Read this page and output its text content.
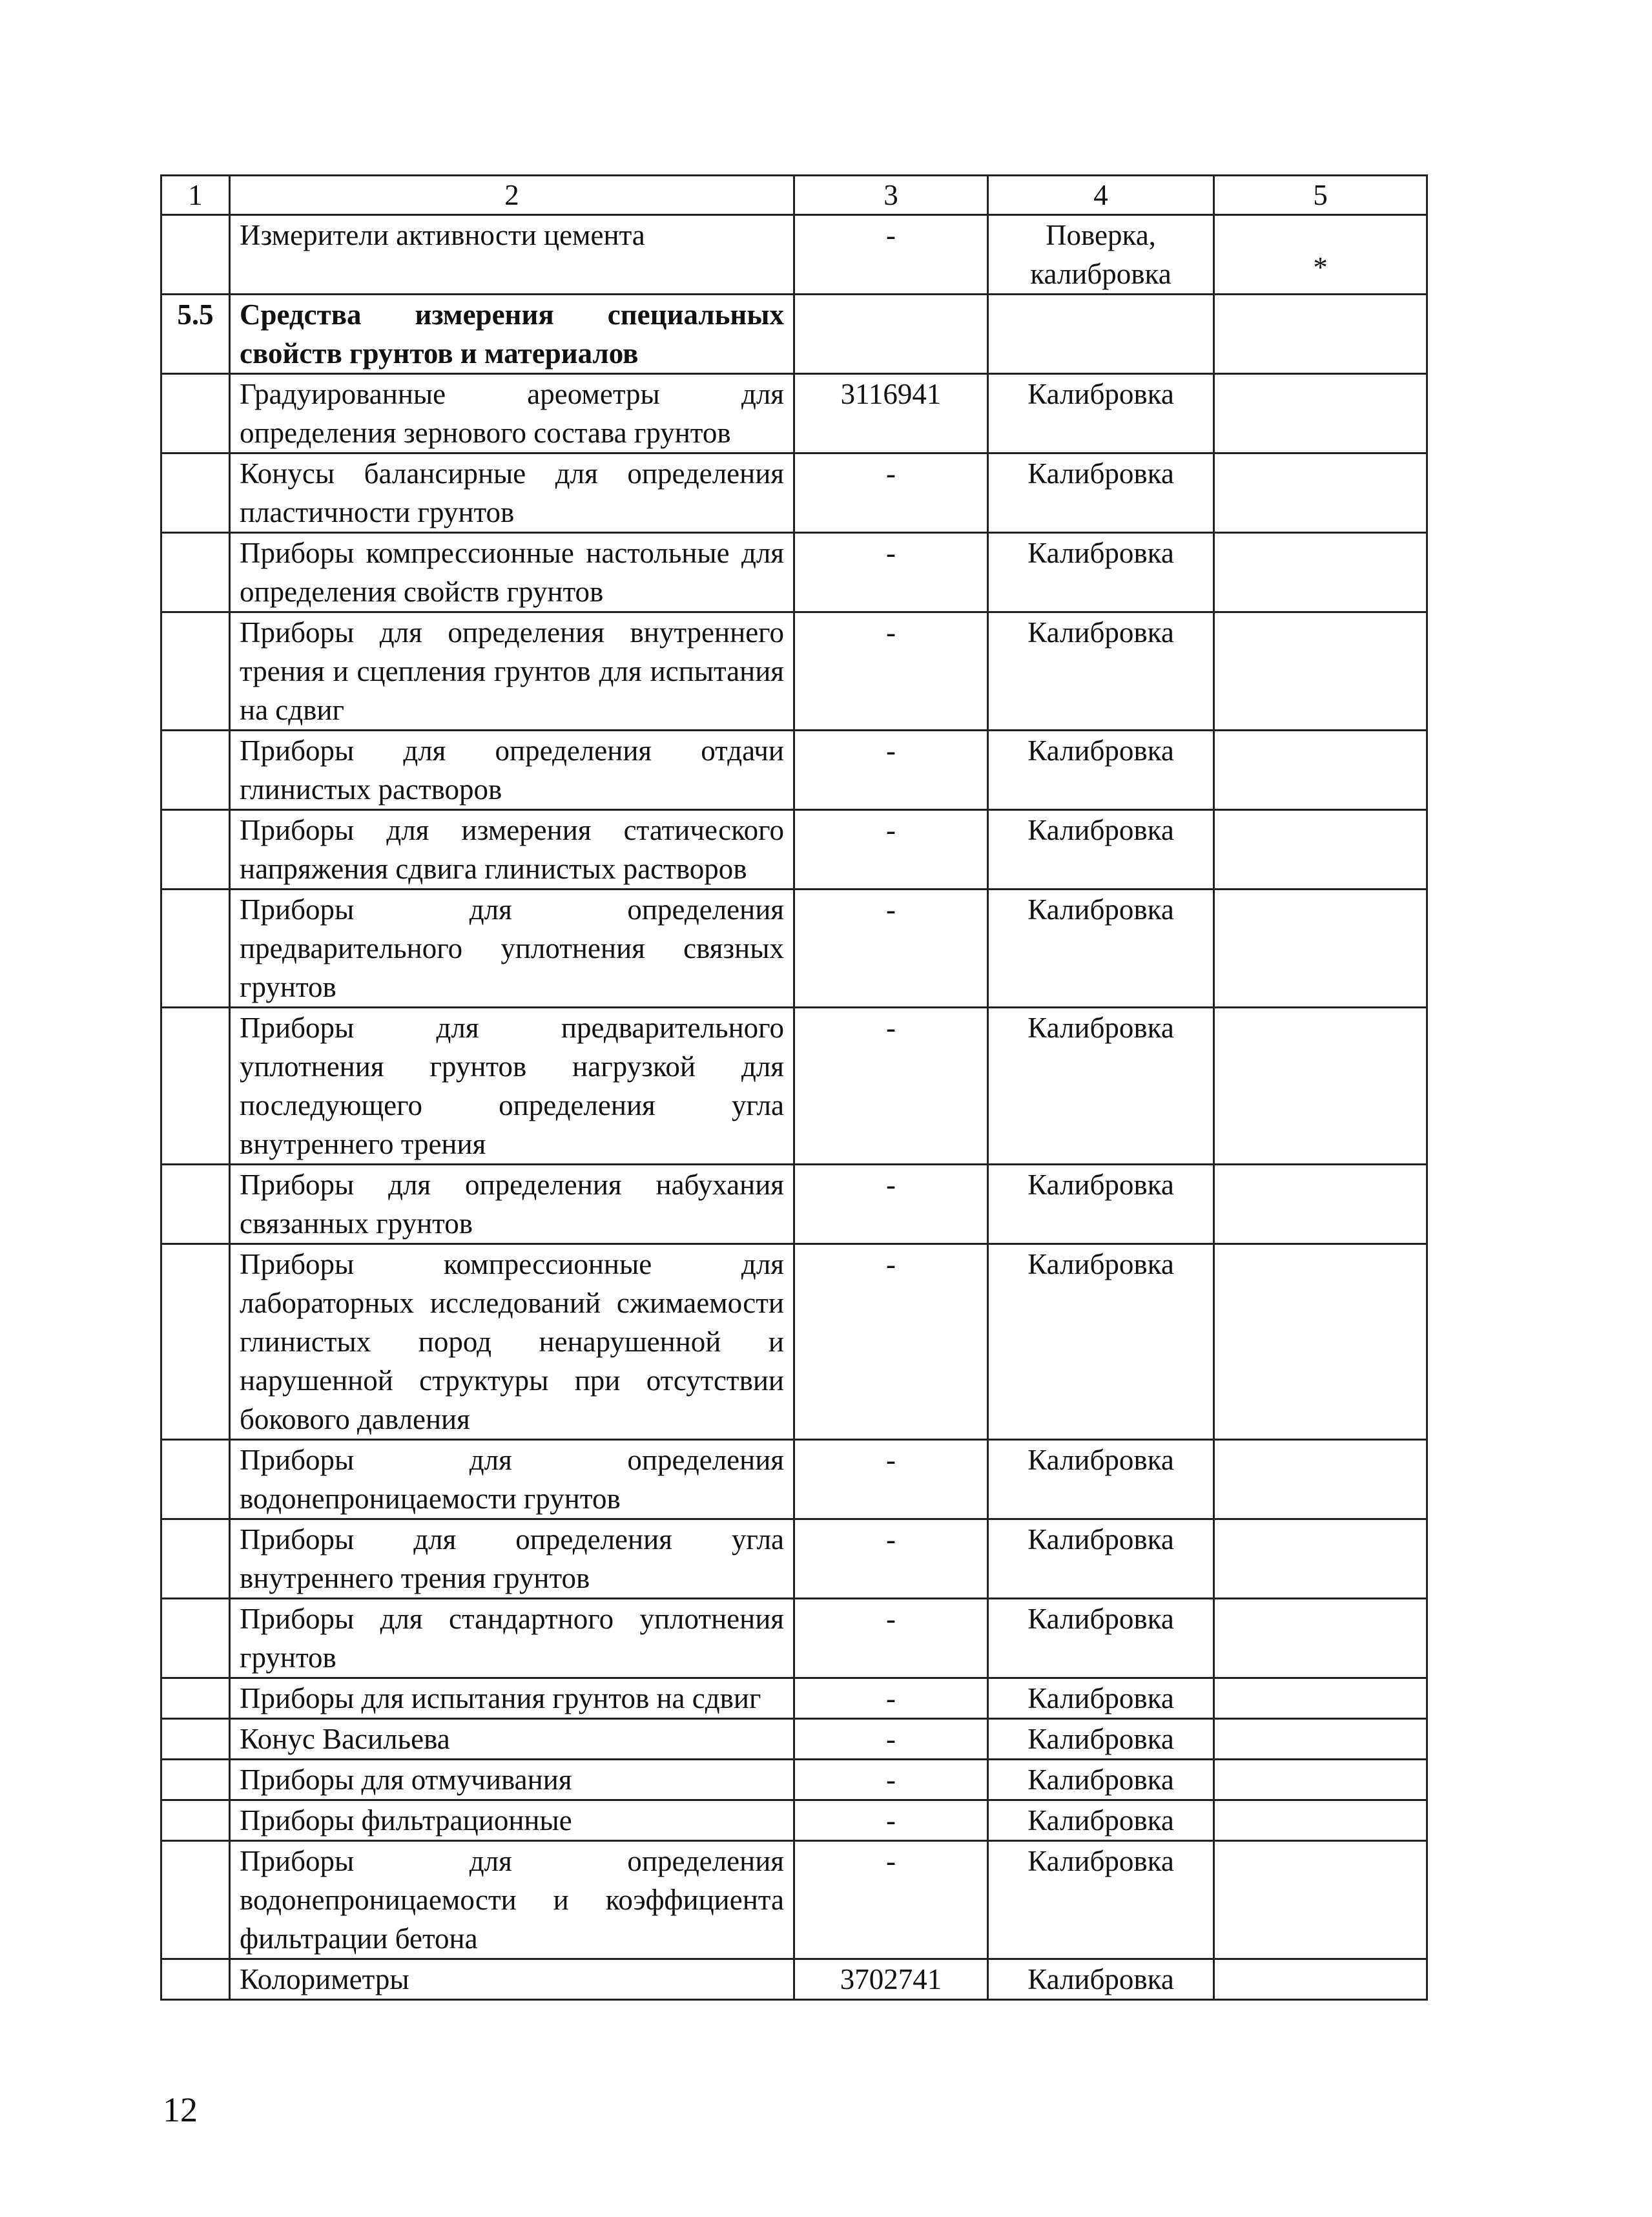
1	2	3	4	5
	Измерители активности цемента	-	Поверка, калибровка	*
5.5	Средства измерения специальных свойств грунтов и материалов			
	Градуированные ареометры для определения зернового состава грунтов	3116941	Калибровка	
	Конусы балансирные для определения пластичности грунтов	-	Калибровка	
	Приборы компрессионные настольные для определения свойств грунтов	-	Калибровка	
	Приборы для определения внутреннего трения и сцепления грунтов для испытания на сдвиг	-	Калибровка	
	Приборы для определения отдачи глинистых растворов	-	Калибровка	
	Приборы для измерения статического напряжения сдвига глинистых растворов	-	Калибровка	
	Приборы для определения предварительного уплотнения связных грунтов	-	Калибровка	
	Приборы для предварительного уплотнения грунтов нагрузкой для последующего определения угла внутреннего трения	-	Калибровка	
	Приборы для определения набухания связанных грунтов	-	Калибровка	
	Приборы компрессионные для лабораторных исследований сжимаемости глинистых пород ненарушенной и нарушенной структуры при отсутствии бокового давления	-	Калибровка	
	Приборы для определения водонепроницаемости грунтов	-	Калибровка	
	Приборы для определения угла внутреннего трения грунтов	-	Калибровка	
	Приборы для стандартного уплотнения грунтов	-	Калибровка	
	Приборы для испытания грунтов на сдвиг	-	Калибровка	
	Конус Васильева	-	Калибровка	
	Приборы для отмучивания	-	Калибровка	
	Приборы фильтрационные	-	Калибровка	
	Приборы для определения водонепроницаемости и коэффициента фильтрации бетона	-	Калибровка	
	Колориметры	3702741	Калибровка	
12
